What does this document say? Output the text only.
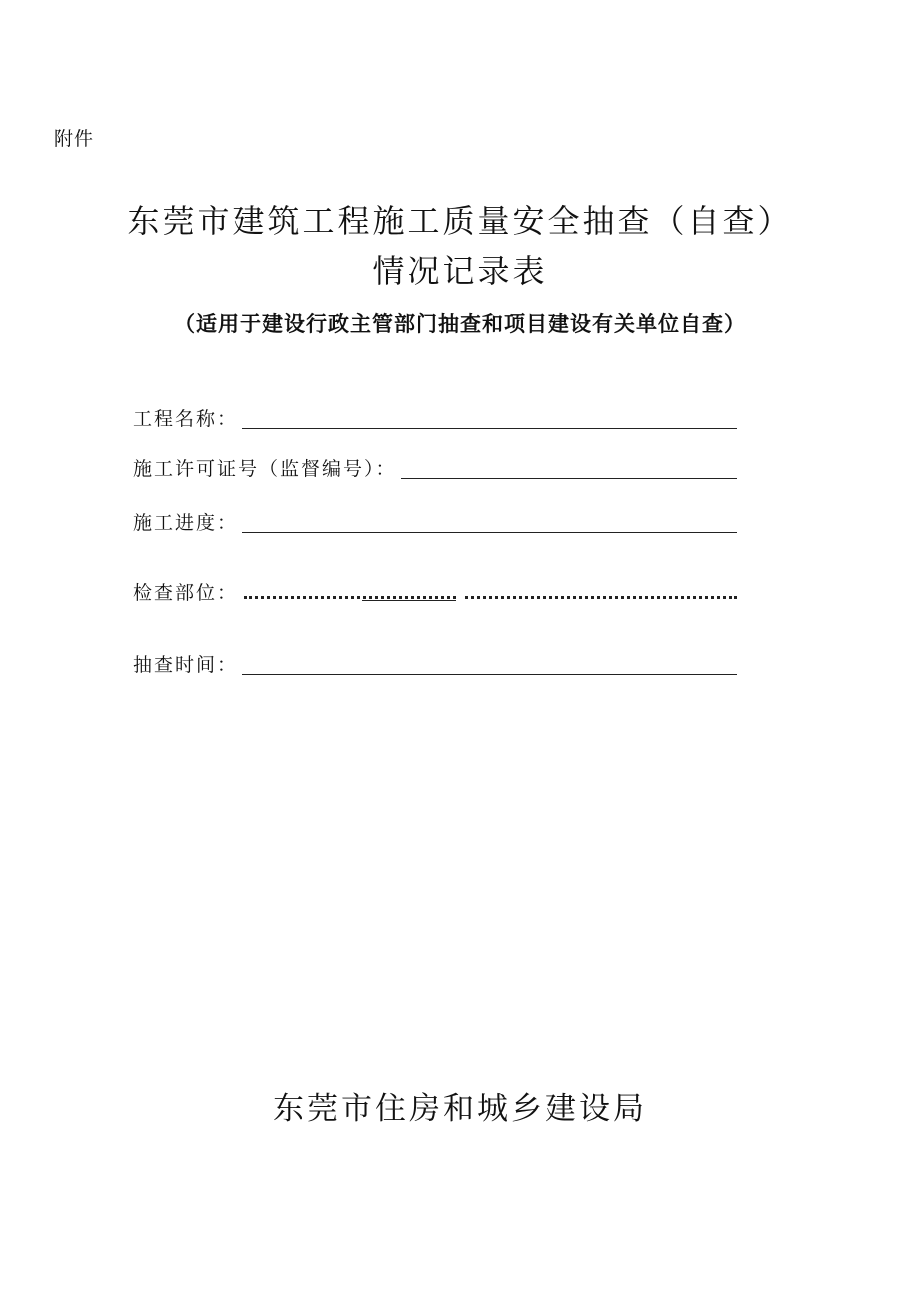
附件
东莞市建筑工程施工质量安全抽查（自查）
情况记录表
（适用于建设行政主管部门抽查和项目建设有关单位自查）
工程名称：
施工许可证号（监督编号）：
施工进度：
检查部位：
抽查时间：
东莞市住房和城乡建设局
